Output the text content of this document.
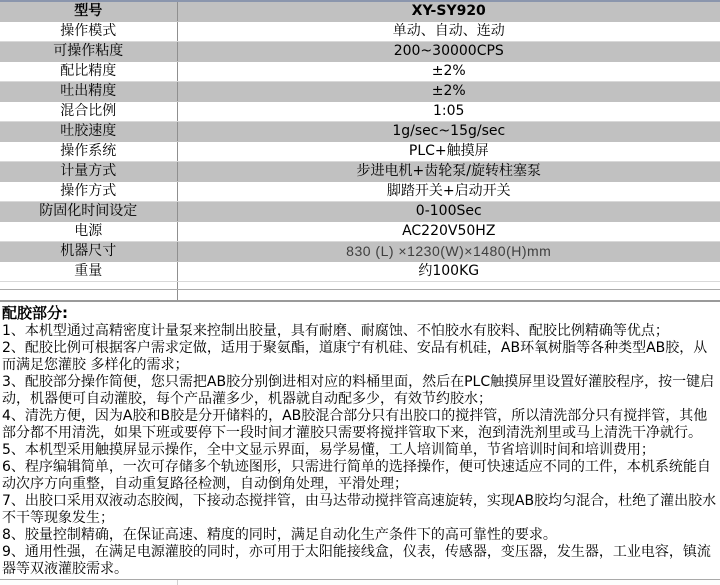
型号	XY-SY920
操作模式	单动、自动、连动
可操作粘度	200~30000CPS
配比精度	±2%
吐出精度	±2%
混合比例	1:05
吐胶速度	1g/sec~15g/sec
操作系统	PLC+触摸屏
计量方式	步进电机+齿轮泵/旋转柱塞泵
操作方式	脚踏开关+启动开关
防固化时间设定	0-100Sec
电源	AC220V50HZ
机器尺寸	830 (L) ×1230(W)×1480(H)mm
重量	约100KG

配胶部分:
1、本机型通过高精密度计量泵来控制出胶量，具有耐磨、耐腐蚀、不怕胶水有胶料、配胶比例精确等优点；
2、配胶比例可根据客户需求定做，适用于聚氨酯，道康宁有机硅、安品有机硅，AB环氧树脂等各种类型AB胶，从而满足您灌胶 多样化的需求；
3、配胶部分操作简便，您只需把AB胶分别倒进相对应的料桶里面，然后在PLC触摸屏里设置好灌胶程序，按一键启动，机器便可自动灌胶，每个产品灌多少，机器就自动配多少，有效节约胶水；
4、清洗方便，因为A胶和B胶是分开储料的，AB胶混合部分只有出胶口的搅拌管，所以清洗部分只有搅拌管，其他部分都不用清洗，如果下班或要停下一段时间才灌胶只需要将搅拌管取下来，泡到清洗剂里或马上清洗干净就行。
5、本机型采用触摸屏显示操作，全中文显示界面，易学易懂，工人培训简单，节省培训时间和培训费用；
6、程序编辑简单，一次可存储多个轨迹图形，只需进行简单的选择操作，便可快速适应不同的工件，本机系统能自动次序方向重整，自动重复路径检测，自动倒角处理，平滑处理；
7、出胶口采用双液动态胶阀，下接动态搅拌管，由马达带动搅拌管高速旋转，实现AB胶均匀混合，杜绝了灌出胶水不干等现象发生；
8、胶量控制精确，在保证高速、精度的同时，满足自动化生产条件下的高可靠性的要求。
9、通用性强，在满足电源灌胶的同时，亦可用于太阳能接线盒，仪表，传感器，变压器，发生器，工业电容，镇流器等双液灌胶需求。
